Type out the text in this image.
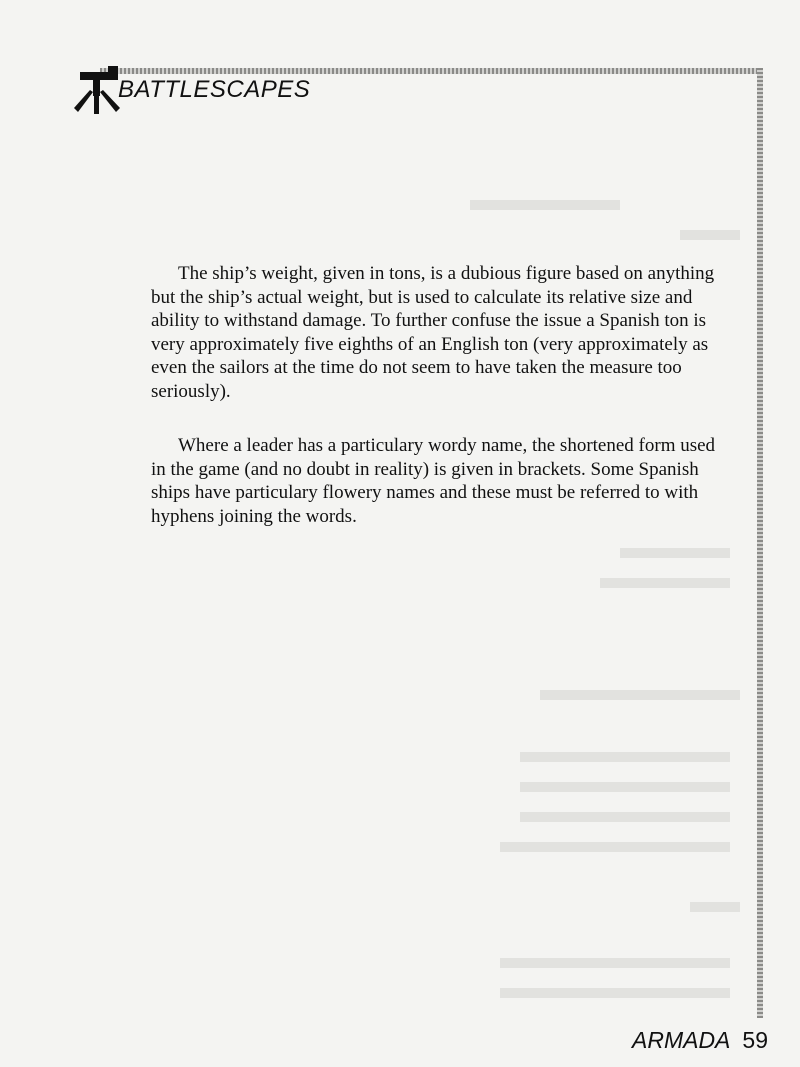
BATTLESCAPES

The ship’s weight, given in tons, is a dubious figure based on anything but the ship’s actual weight, but is used to calculate its relative size and ability to withstand damage. To further confuse the issue a Spanish ton is very approximately five eighths of an English ton (very approximately as even the sailors at the time do not seem to have taken the measure too seriously).

Where a leader has a particulary wordy name, the shortened form used in the game (and no doubt in reality) is given in brackets. Some Spanish ships have particulary flowery names and these must be referred to with hyphens joining the words.

ARMADA 59
